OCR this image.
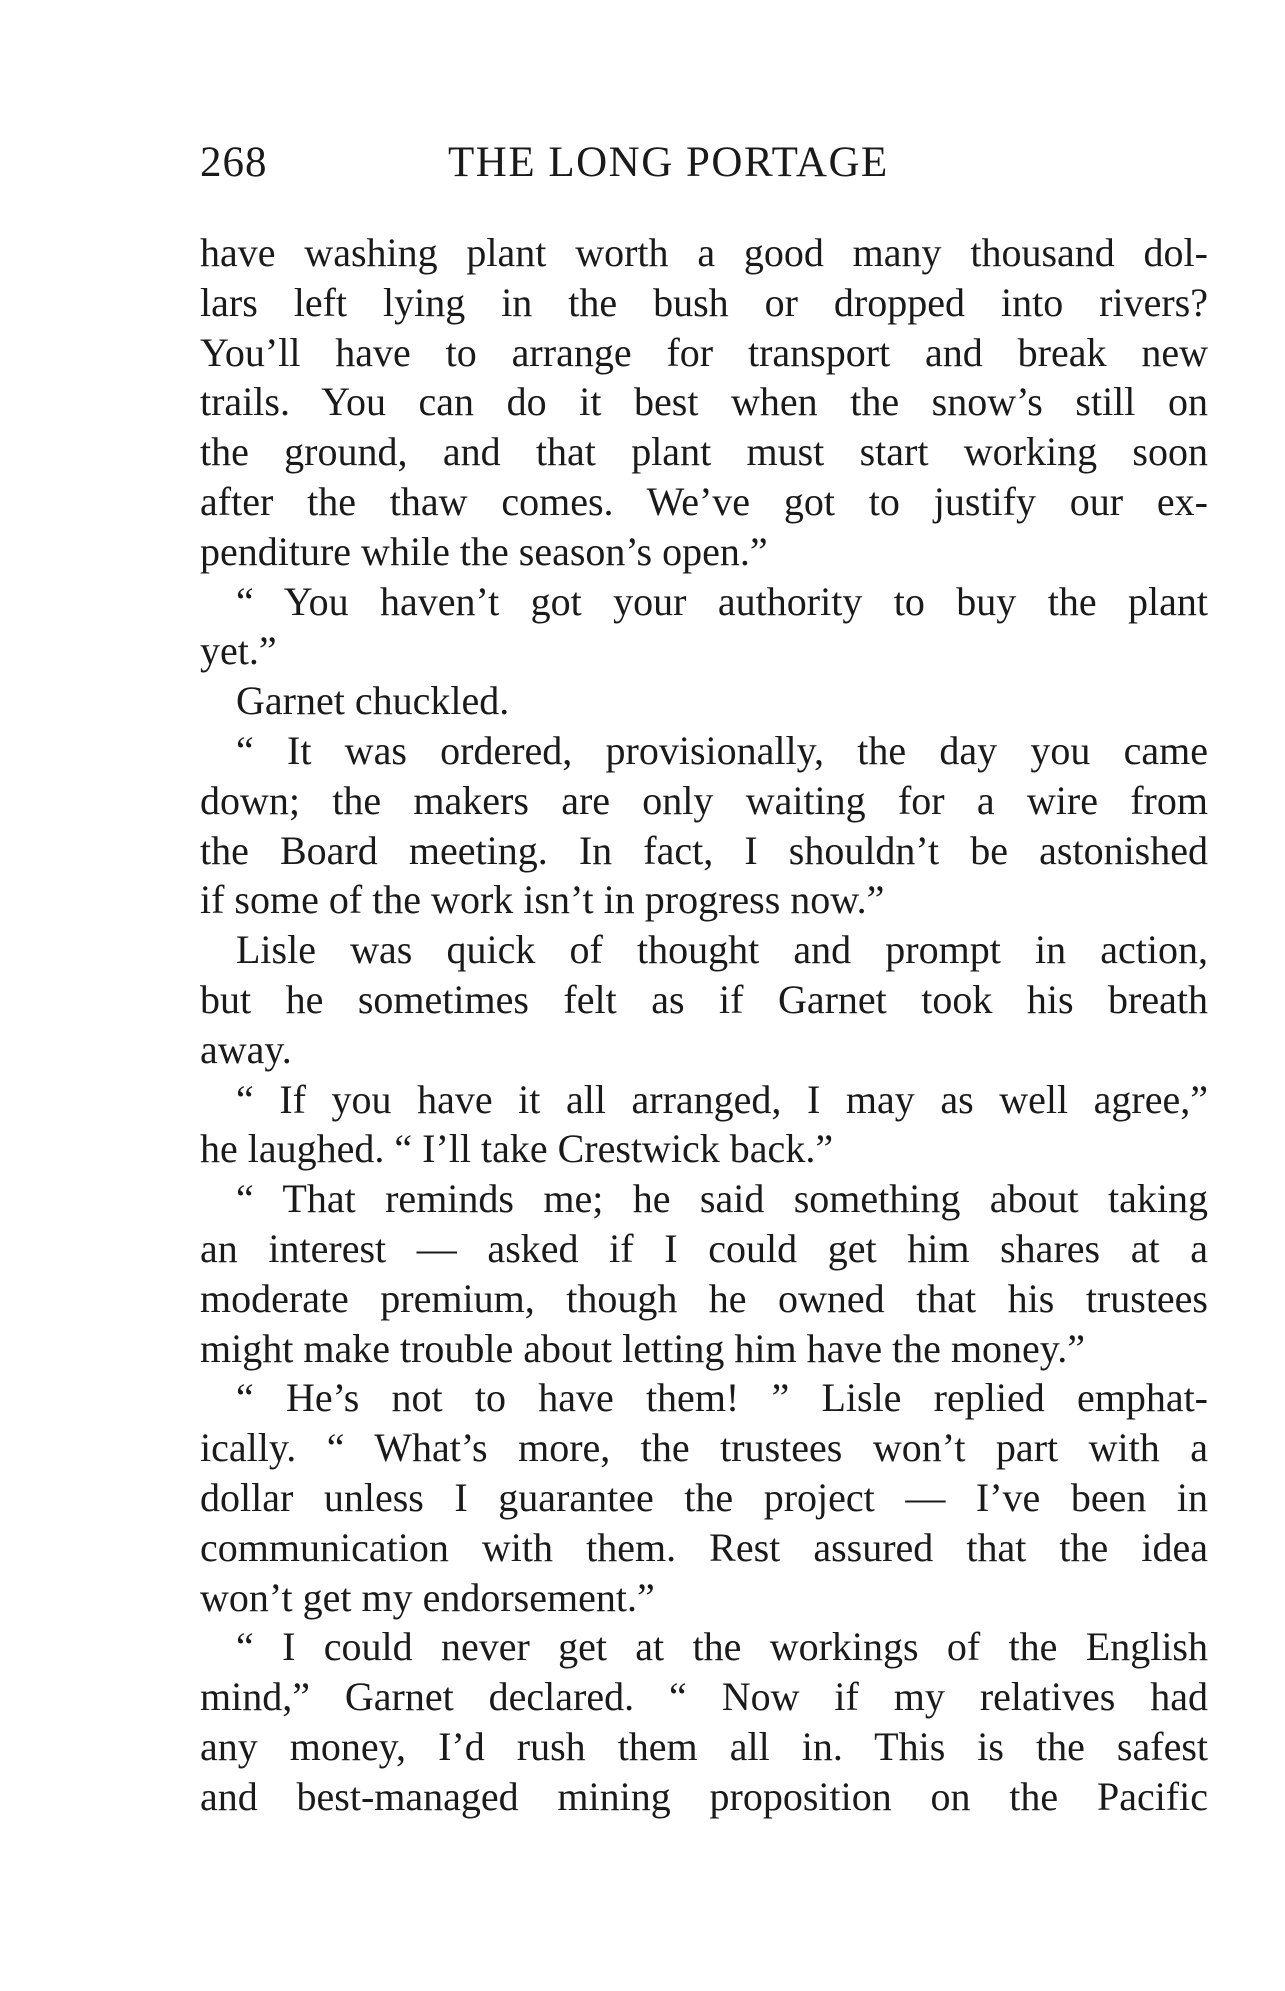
268	THE LONG PORTAGE
have washing plant worth a good many thousand dol-
lars left lying in the bush or dropped into rivers?
You’ll have to arrange for transport and break new
trails. You can do it best when the snow’s still on
the ground, and that plant must start working soon
after the thaw comes. We’ve got to justify our ex-
penditure while the season’s open.”
“ You haven’t got your authority to buy the plant
yet.”
Garnet chuckled.
“ It was ordered, provisionally, the day you came
down; the makers are only waiting for a wire from
the Board meeting. In fact, I shouldn’t be astonished
if some of the work isn’t in progress now.”
Lisle was quick of thought and prompt in action,
but he sometimes felt as if Garnet took his breath
away.
“ If you have it all arranged, I may as well agree,”
he laughed. “ I’ll take Crestwick back.”
“ That reminds me; he said something about taking
an interest — asked if I could get him shares at a
moderate premium, though he owned that his trustees
might make trouble about letting him have the money.”
“ He’s not to have them! ” Lisle replied emphat-
ically. “ What’s more, the trustees won’t part with a
dollar unless I guarantee the project — I’ve been in
communication with them. Rest assured that the idea
won’t get my endorsement.”
“ I could never get at the workings of the English
mind,” Garnet declared. “ Now if my relatives had
any money, I’d rush them all in. This is the safest
and best-managed mining proposition on the Pacific
